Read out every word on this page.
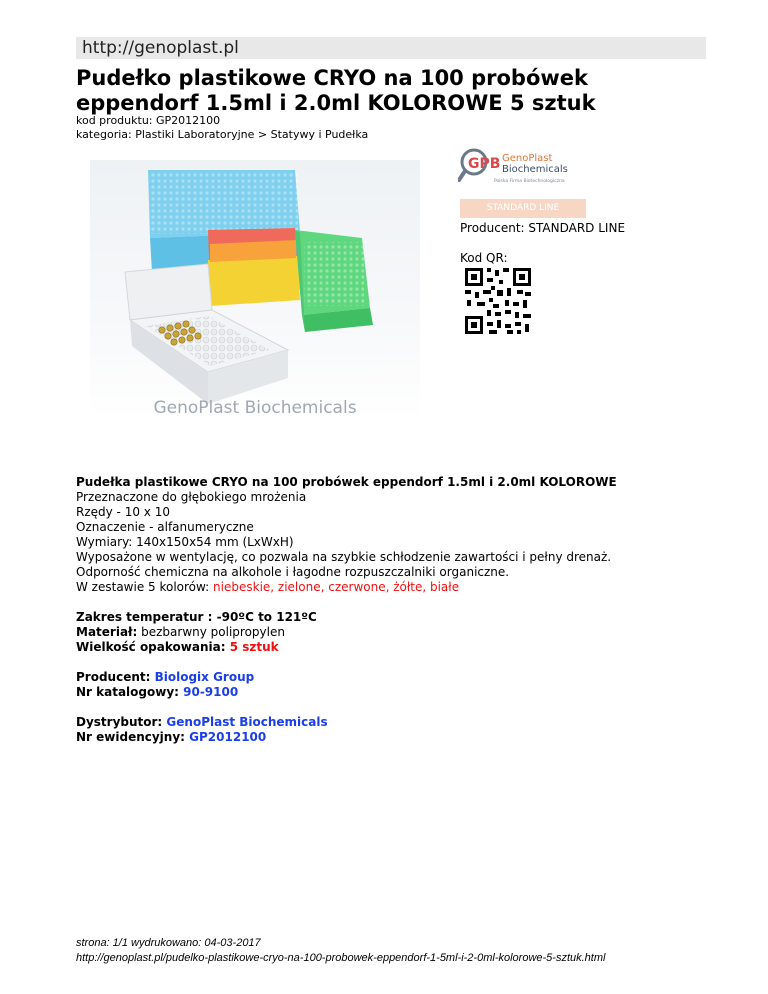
http://genoplast.pl
Pudełko plastikowe CRYO na 100 probówek eppendorf 1.5ml i 2.0ml KOLOROWE 5 sztuk
kod produktu: GP2012100
kategoria: Plastiki Laboratoryjne > Statywy i Pudełka
GenoPlast Biochemicals
GPB GenoPlast
Biochemicals
Polska Firma Biotechnologiczna
STANDARD LINE
Producent: STANDARD LINE
Kod QR:

Pudełka plastikowe CRYO na 100 probówek eppendorf 1.5ml i 2.0ml KOLOROWE

Przeznaczone do głębokiego mrożenia

Rzędy - 10 x 10

Oznaczenie - alfanumeryczne

Wymiary: 140x150x54 mm (LxWxH)

Wyposażone w wentylację, co pozwala na szybkie schłodzenie zawartości i pełny drenaż.

Odporność chemiczna na alkohole i łagodne rozpuszczalniki organiczne.

W zestawie 5 kolorów: niebeskie, zielone, czerwone, żółte, białe

Zakres temperatur : -90ºC to 121ºC

Materiał: bezbarwny polipropylen

Wielkość opakowania: 5 sztuk

Producent: Biologix Group

Nr katalogowy: 90-9100

Dystrybutor: GenoPlast Biochemicals

Nr ewidencyjny: GP2012100

strona: 1/1 wydrukowano: 04-03-2017
http://genoplast.pl/pudelko-plastikowe-cryo-na-100-probowek-eppendorf-1-5ml-i-2-0ml-kolorowe-5-sztuk.html
